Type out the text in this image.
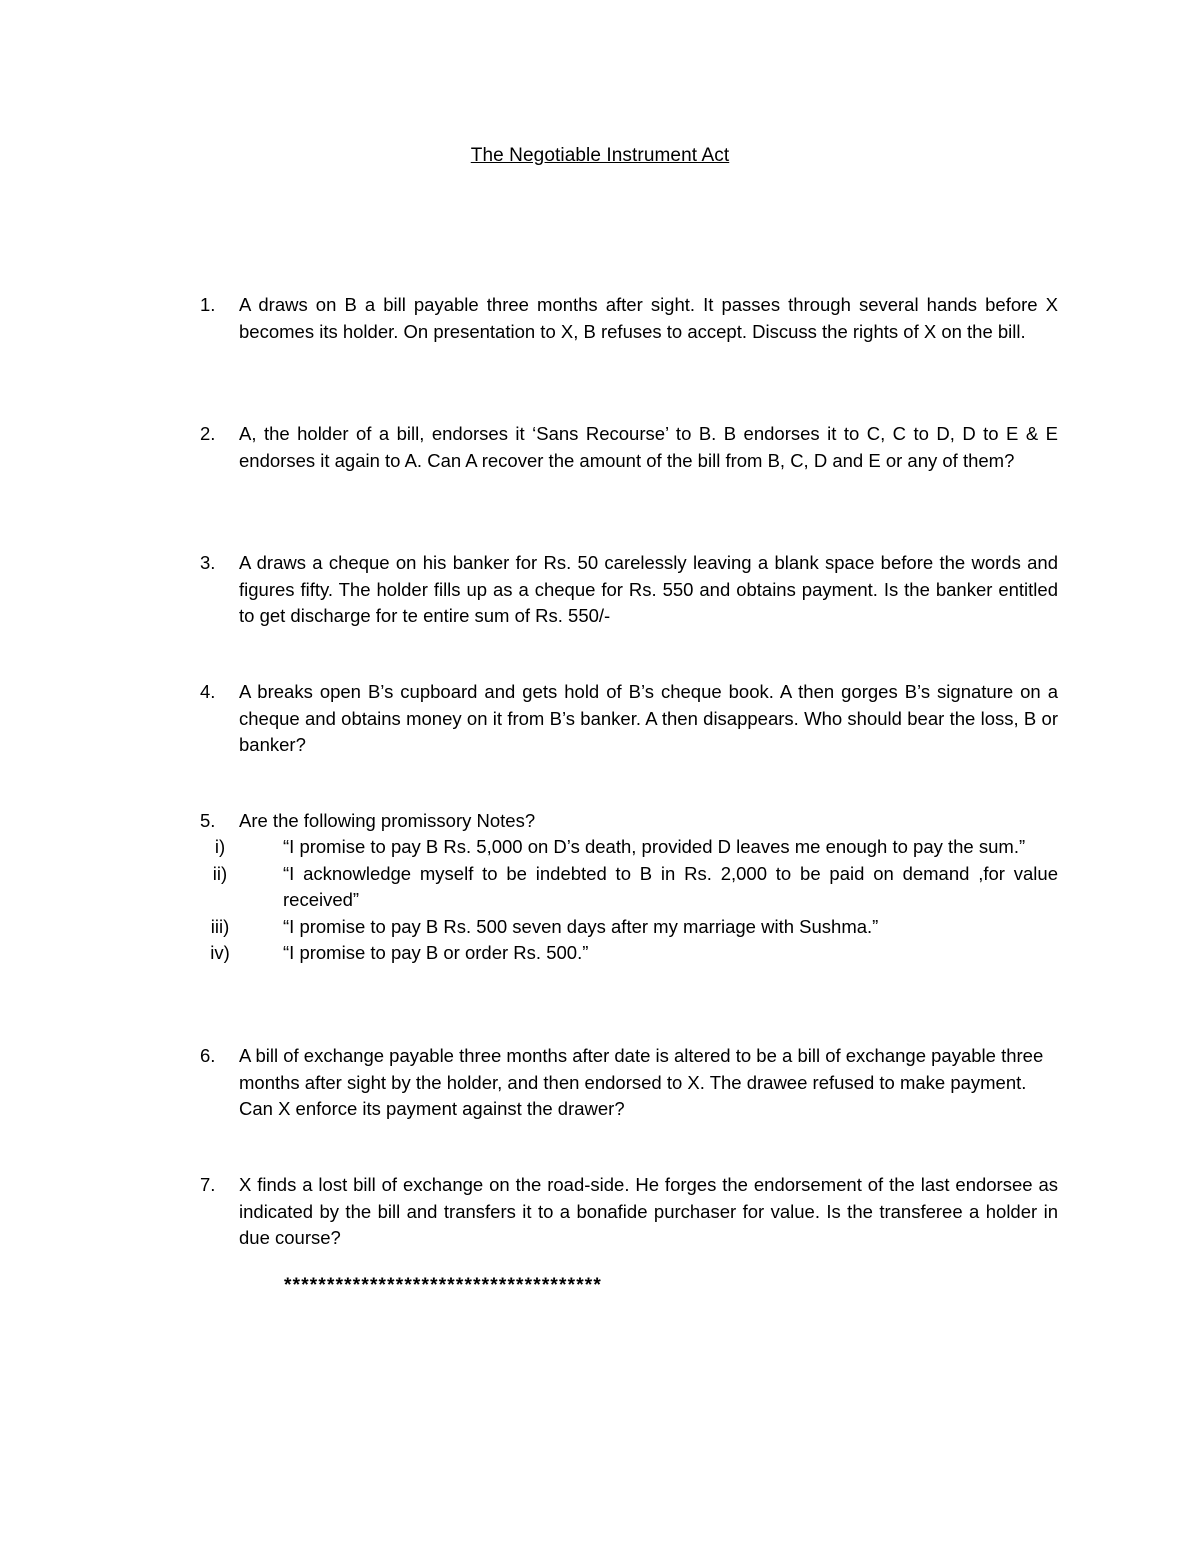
The Negotiable Instrument Act
1.	A draws on B a bill payable three months after sight. It passes through several hands before X becomes its holder. On presentation to X, B refuses to accept. Discuss the rights of X on the bill.
2.	A, the holder of a bill, endorses it ‘Sans Recourse’ to B. B endorses it to C, C to D, D to E & E endorses it again to A. Can A recover the amount of the bill from B, C, D and E or any of them?
3.	A draws a cheque on his banker for Rs. 50 carelessly leaving a blank space before the words and figures fifty. The holder fills up as a cheque for Rs. 550 and obtains payment. Is the banker entitled to get discharge for te entire sum of Rs. 550/-
4.	A breaks open B’s cupboard and gets hold of B’s cheque book. A then gorges B’s signature on a cheque and obtains money on it from B’s banker. A then disappears. Who should bear the loss, B or banker?
5.	Are the following promissory Notes?
i)	“I promise to pay B Rs. 5,000 on D’s death, provided D leaves me enough to pay the sum.”
ii)	“I acknowledge myself to be indebted to B in Rs. 2,000 to be paid on demand ,for value received”
iii)	“I promise to pay B Rs. 500 seven days after my marriage with Sushma.”
iv)	“I promise to pay B or order Rs. 500.”
6.	A bill of exchange payable three months after date is altered to be a bill of exchange payable three months after sight by the holder, and then endorsed to X. The drawee refused to make payment. Can X enforce its payment against the drawer?
7.	X finds a lost bill of exchange on the road-side. He forges the endorsement of the last endorsee as indicated by the bill and transfers it to a bonafide purchaser for value. Is the transferee a holder in due course?
*************************************
